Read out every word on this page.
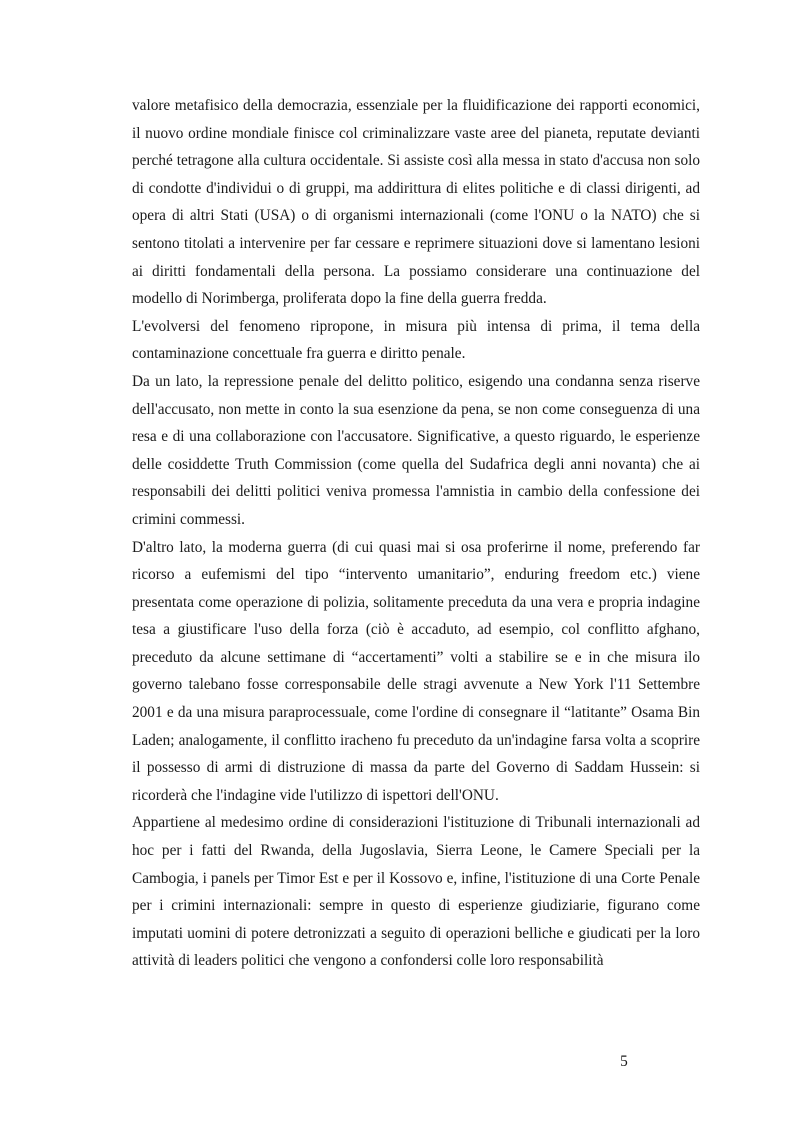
valore metafisico della democrazia, essenziale per la fluidificazione dei rapporti economici, il nuovo ordine mondiale finisce col criminalizzare vaste aree del pianeta, reputate devianti perché tetragone alla cultura occidentale. Si assiste così alla messa in stato d'accusa non solo di condotte d'individui o di gruppi, ma addirittura di elites politiche e di classi dirigenti, ad opera di altri Stati (USA) o di organismi internazionali (come l'ONU o la NATO) che si sentono titolati a intervenire per far cessare e reprimere situazioni dove si lamentano lesioni ai diritti fondamentali della persona. La possiamo considerare una continuazione del modello di Norimberga, proliferata dopo la fine della guerra fredda.

L'evolversi del fenomeno ripropone, in misura più intensa di prima, il tema della contaminazione concettuale fra guerra e diritto penale.

Da un lato, la repressione penale del delitto politico, esigendo una condanna senza riserve dell'accusato, non mette in conto la sua esenzione da pena, se non come conseguenza di una resa e di una collaborazione con l'accusatore. Significative, a questo riguardo, le esperienze delle cosiddette Truth Commission (come quella del Sudafrica degli anni novanta) che ai responsabili dei delitti politici veniva promessa l'amnistia in cambio della confessione dei crimini commessi.

D'altro lato, la moderna guerra (di cui quasi mai si osa proferirne il nome, preferendo far ricorso a eufemismi del tipo “intervento umanitario”, enduring freedom etc.) viene presentata come operazione di polizia, solitamente preceduta da una vera e propria indagine tesa a giustificare l'uso della forza (ciò è accaduto, ad esempio, col conflitto afghano, preceduto da alcune settimane di “accertamenti” volti a stabilire se e in che misura ilo governo talebano fosse corresponsabile delle stragi avvenute a New York l'11 Settembre 2001 e da una misura paraprocessuale, come l'ordine di consegnare il “latitante” Osama Bin Laden; analogamente, il conflitto iracheno fu preceduto da un'indagine farsa volta a scoprire il possesso di armi di distruzione di massa da parte del Governo di Saddam Hussein: si ricorderà che l'indagine vide l'utilizzo di ispettori dell'ONU.

Appartiene al medesimo ordine di considerazioni l'istituzione di Tribunali internazionali ad hoc per i fatti del Rwanda, della Jugoslavia, Sierra Leone, le Camere Speciali per la Cambogia, i panels per Timor Est e per il Kossovo e, infine, l'istituzione di una Corte Penale per i crimini internazionali: sempre in questo di esperienze giudiziarie, figurano come imputati uomini di potere detronizzati a seguito di operazioni belliche e giudicati per la loro attività di leaders politici che vengono a confondersi colle loro responsabilità

5
